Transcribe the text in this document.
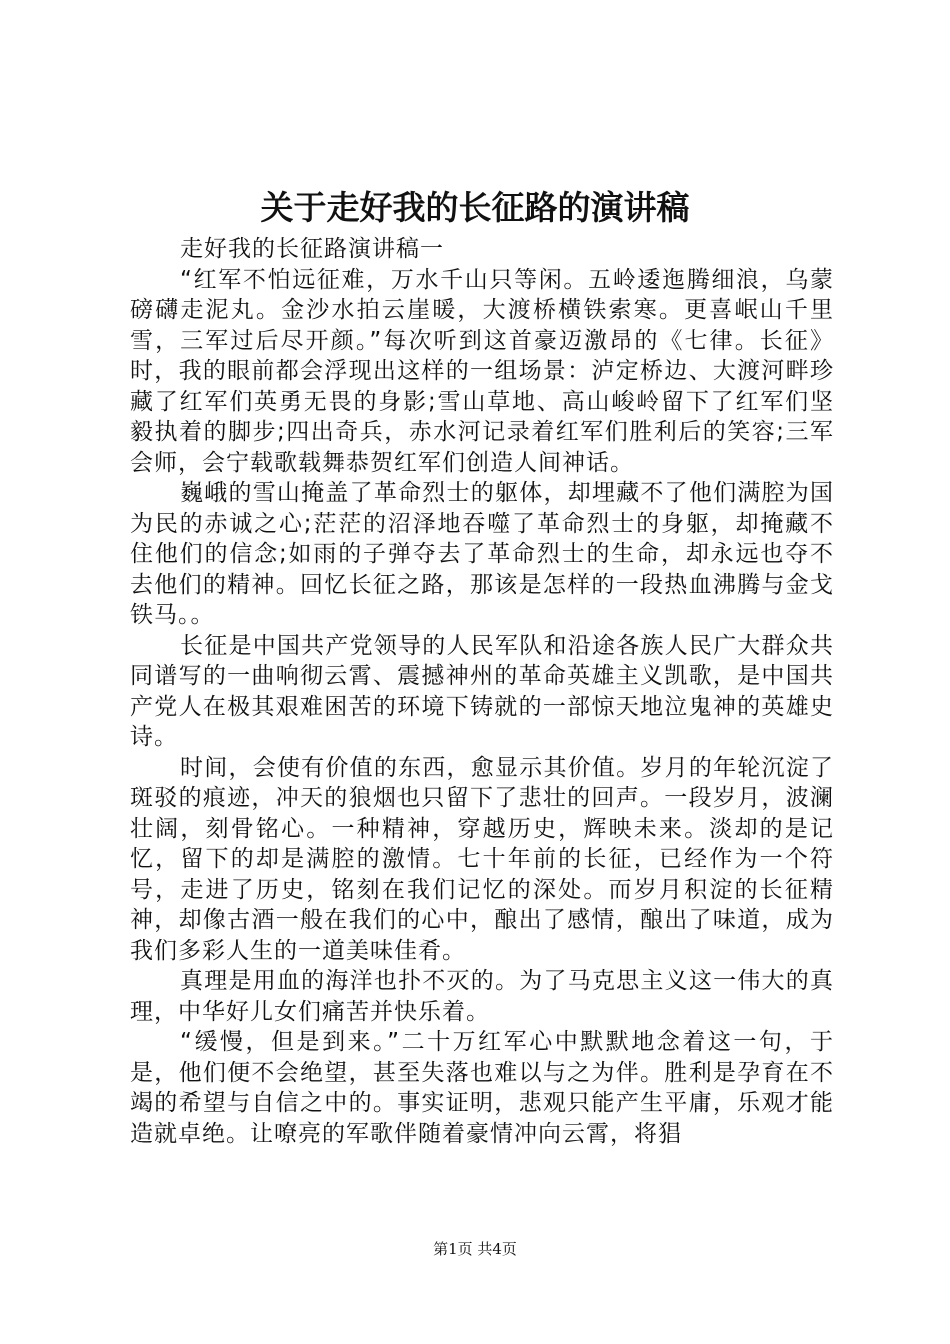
关于走好我的长征路的演讲稿

走好我的长征路演讲稿一

“红军不怕远征难，万水千山只等闲。五岭逶迤腾细浪，乌蒙磅礴走泥丸。金沙水拍云崖暖，大渡桥横铁索寒。更喜岷山千里雪，三军过后尽开颜。”每次听到这首豪迈激昂的《七律。长征》时，我的眼前都会浮现出这样的一组场景：泸定桥边、大渡河畔珍藏了红军们英勇无畏的身影;雪山草地、高山峻岭留下了红军们坚毅执着的脚步;四出奇兵，赤水河记录着红军们胜利后的笑容;三军会师，会宁载歌载舞恭贺红军们创造人间神话。

巍峨的雪山掩盖了革命烈士的躯体，却埋藏不了他们满腔为国为民的赤诚之心;茫茫的沼泽地吞噬了革命烈士的身躯，却掩藏不住他们的信念;如雨的子弹夺去了革命烈士的生命，却永远也夺不去他们的精神。回忆长征之路，那该是怎样的一段热血沸腾与金戈铁马。。

长征是中国共产党领导的人民军队和沿途各族人民广大群众共同谱写的一曲响彻云霄、震撼神州的革命英雄主义凯歌，是中国共产党人在极其艰难困苦的环境下铸就的一部惊天地泣鬼神的英雄史诗。

时间，会使有价值的东西，愈显示其价值。岁月的年轮沉淀了斑驳的痕迹，冲天的狼烟也只留下了悲壮的回声。一段岁月，波澜壮阔，刻骨铭心。一种精神，穿越历史，辉映未来。淡却的是记忆，留下的却是满腔的激情。七十年前的长征，已经作为一个符号，走进了历史，铭刻在我们记忆的深处。而岁月积淀的长征精神，却像古酒一般在我们的心中，酿出了感情，酿出了味道，成为我们多彩人生的一道美味佳肴。

真理是用血的海洋也扑不灭的。为了马克思主义这一伟大的真理，中华好儿女们痛苦并快乐着。

“缓慢，但是到来。”二十万红军心中默默地念着这一句，于是，他们便不会绝望，甚至失落也难以与之为伴。胜利是孕育在不竭的希望与自信之中的。事实证明，悲观只能产生平庸，乐观才能造就卓绝。让嘹亮的军歌伴随着豪情冲向云霄，将猖

第1页 共4页
